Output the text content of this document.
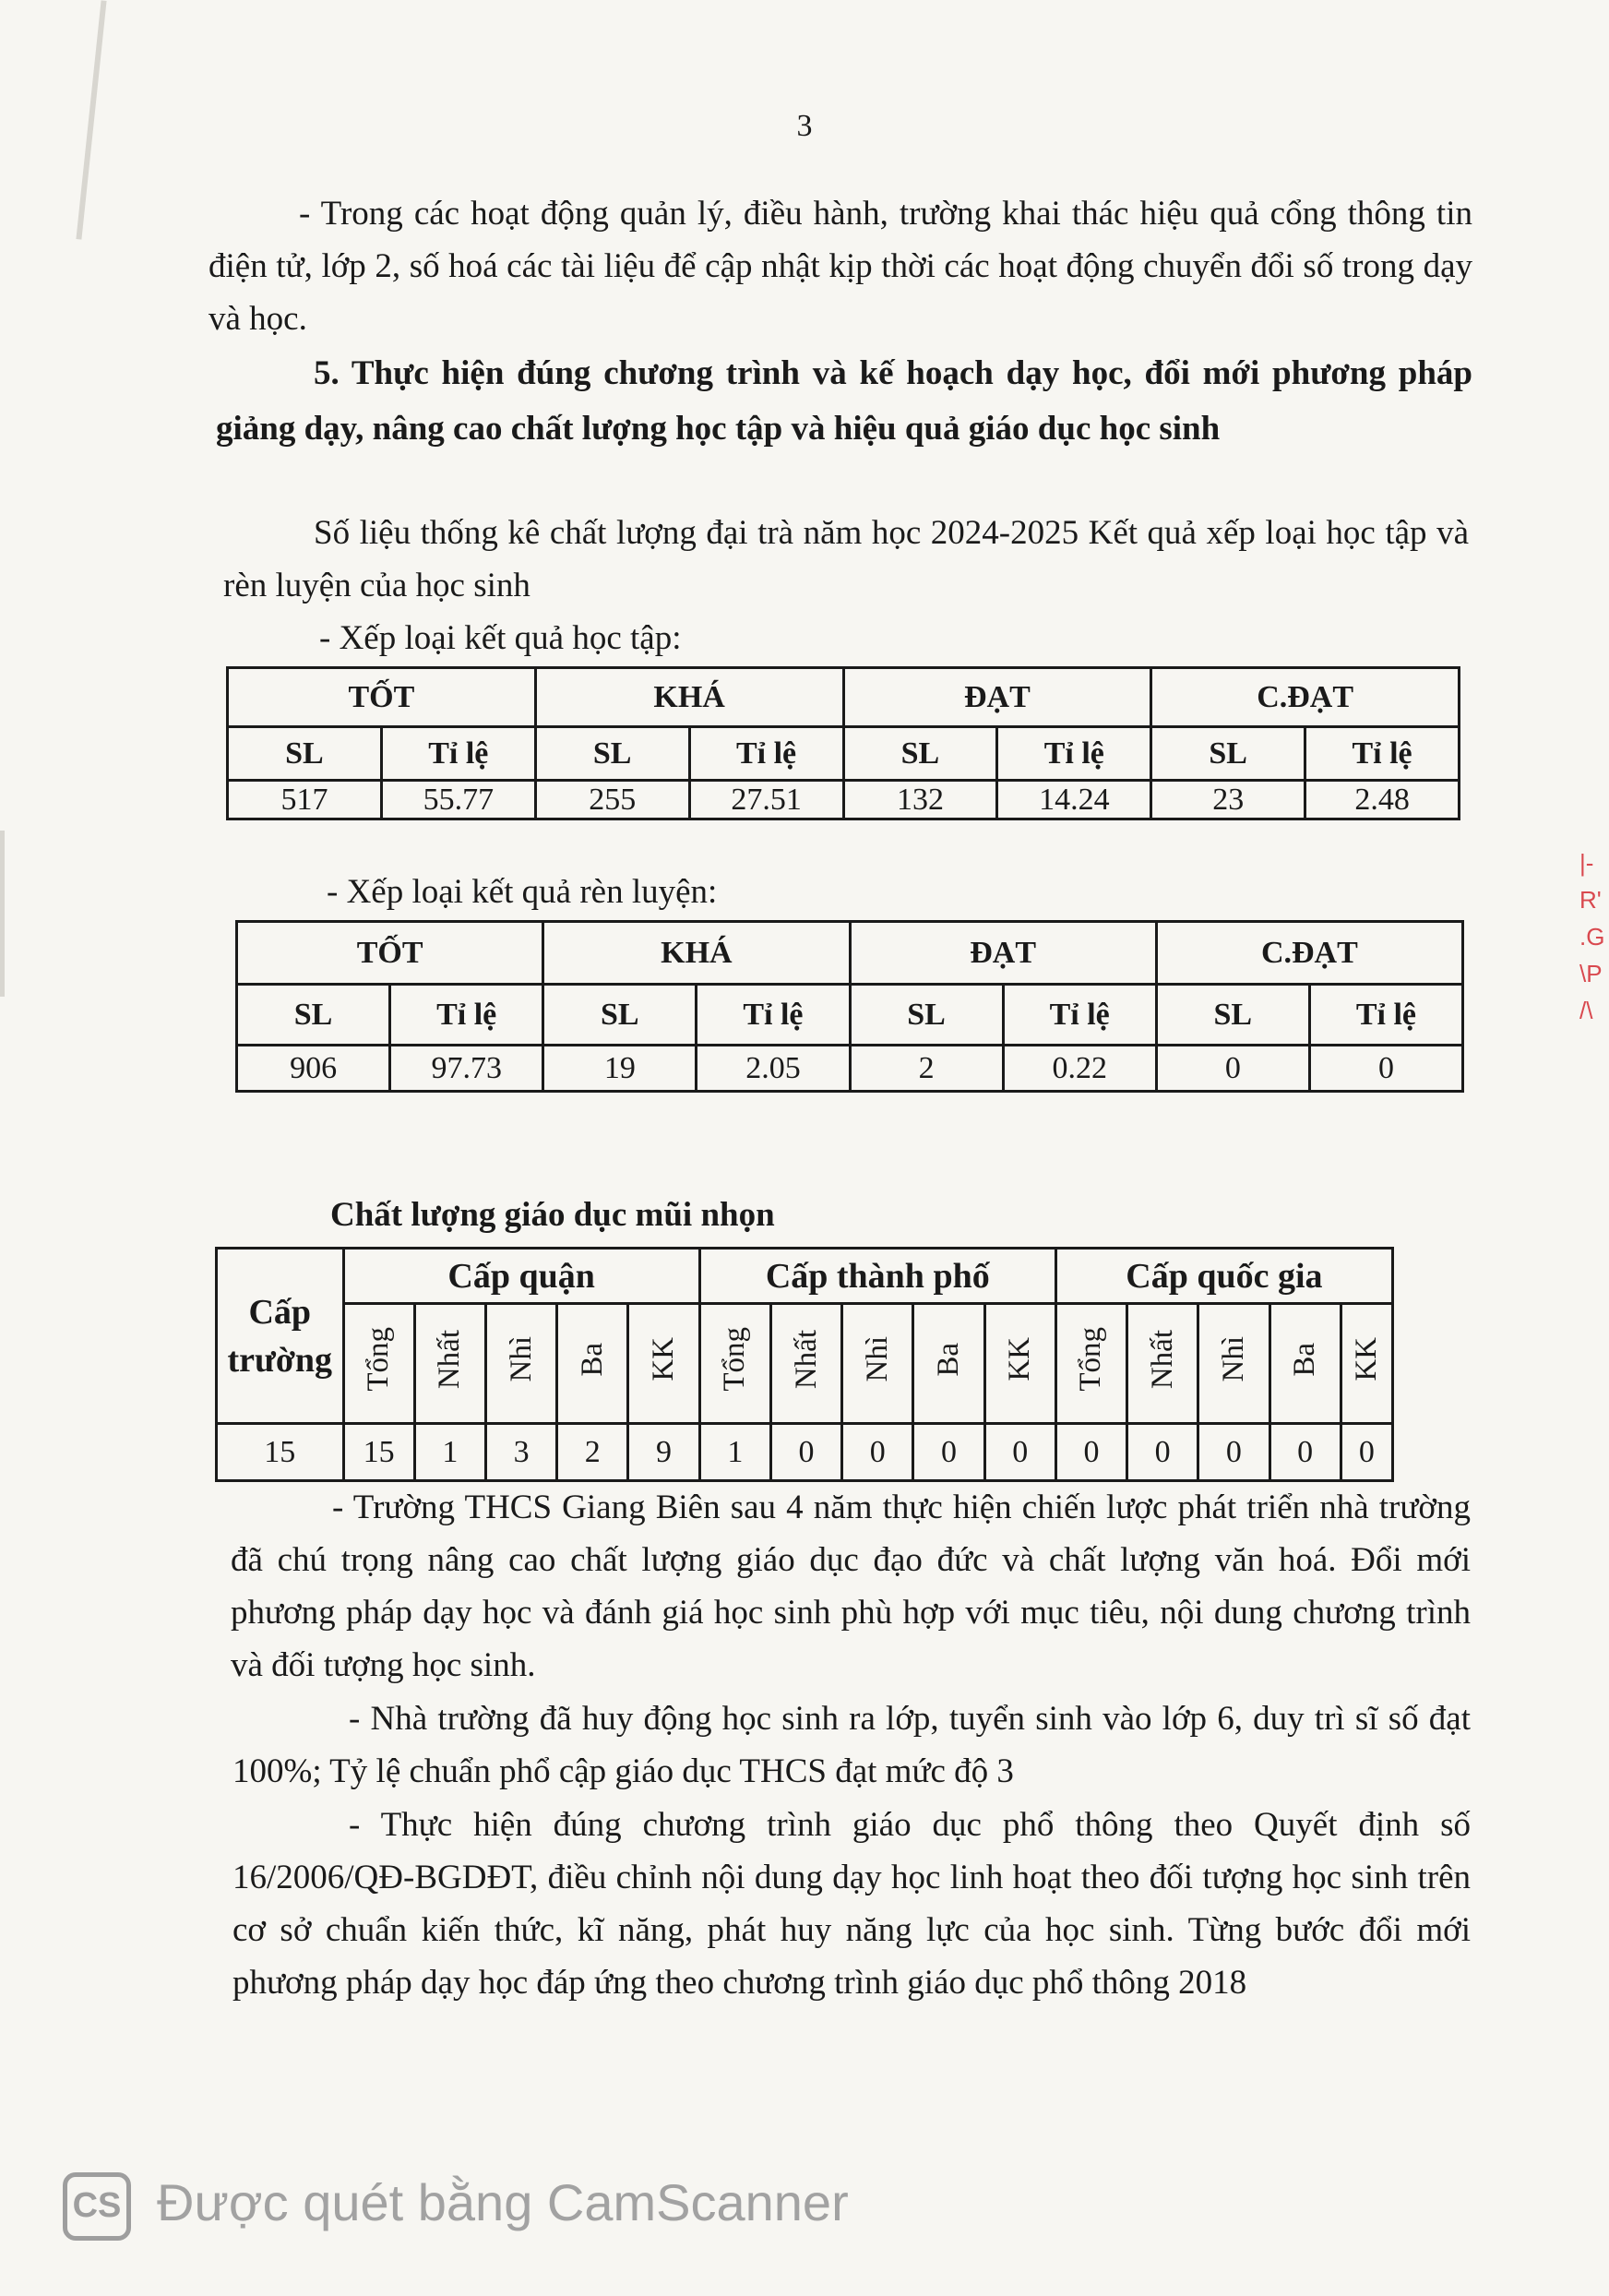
3
- Trong các hoạt động quản lý, điều hành, trường khai thác hiệu quả cổng thông tin điện tử, lớp 2, số hoá các tài liệu để cập nhật kịp thời các hoạt động chuyển đổi số trong dạy và học.
5. Thực hiện đúng chương trình và kế hoạch dạy học, đổi mới phương pháp giảng dạy, nâng cao chất lượng học tập và hiệu quả giáo dục học sinh
Số liệu thống kê chất lượng đại trà năm học 2024-2025 Kết quả xếp loại học tập và rèn luyện của học sinh
- Xếp loại kết quả học tập:
TỐT		KHÁ		ĐẠT		C.ĐẠT	
SL	Tỉ lệ	SL	Tỉ lệ	SL	Tỉ lệ	SL	Tỉ lệ
517	55.77	255	27.51	132	14.24	23	2.48
- Xếp loại kết quả rèn luyện:
TỐT		KHÁ		ĐẠT		C.ĐẠT	
SL	Tỉ lệ	SL	Tỉ lệ	SL	Tỉ lệ	SL	Tỉ lệ
906	97.73	19	2.05	2	0.22	0	0
Chất lượng giáo dục mũi nhọn
Cấp trường	Cấp quận					Cấp thành phố					Cấp quốc gia				
	Tổng	Nhất	Nhì	Ba	KK	Tổng	Nhất	Nhì	Ba	KK	Tổng	Nhất	Nhì	Ba	KK
15	15	1	3	2	9	1	0	0	0	0	0	0	0	0	0
- Trường THCS Giang Biên sau 4 năm thực hiện chiến lược phát triển nhà trường đã chú trọng nâng cao chất lượng giáo dục đạo đức và chất lượng văn hoá. Đổi mới phương pháp dạy học và đánh giá học sinh phù hợp với mục tiêu, nội dung chương trình và đối tượng học sinh.
- Nhà trường đã huy động học sinh ra lớp, tuyển sinh vào lớp 6, duy trì sĩ số đạt 100%; Tỷ lệ chuẩn phổ cập giáo dục THCS đạt mức độ 3
- Thực hiện đúng chương trình giáo dục phổ thông theo Quyết định số 16/2006/QĐ-BGDĐT, điều chỉnh nội dung dạy học linh hoạt theo đối tượng học sinh trên cơ sở chuẩn kiến thức, kĩ năng, phát huy năng lực của học sinh. Từng bước đổi mới phương pháp dạy học đáp ứng theo chương trình giáo dục phổ thông 2018
|-
R'
.G
\P
/\
CS Được quét bằng CamScanner
